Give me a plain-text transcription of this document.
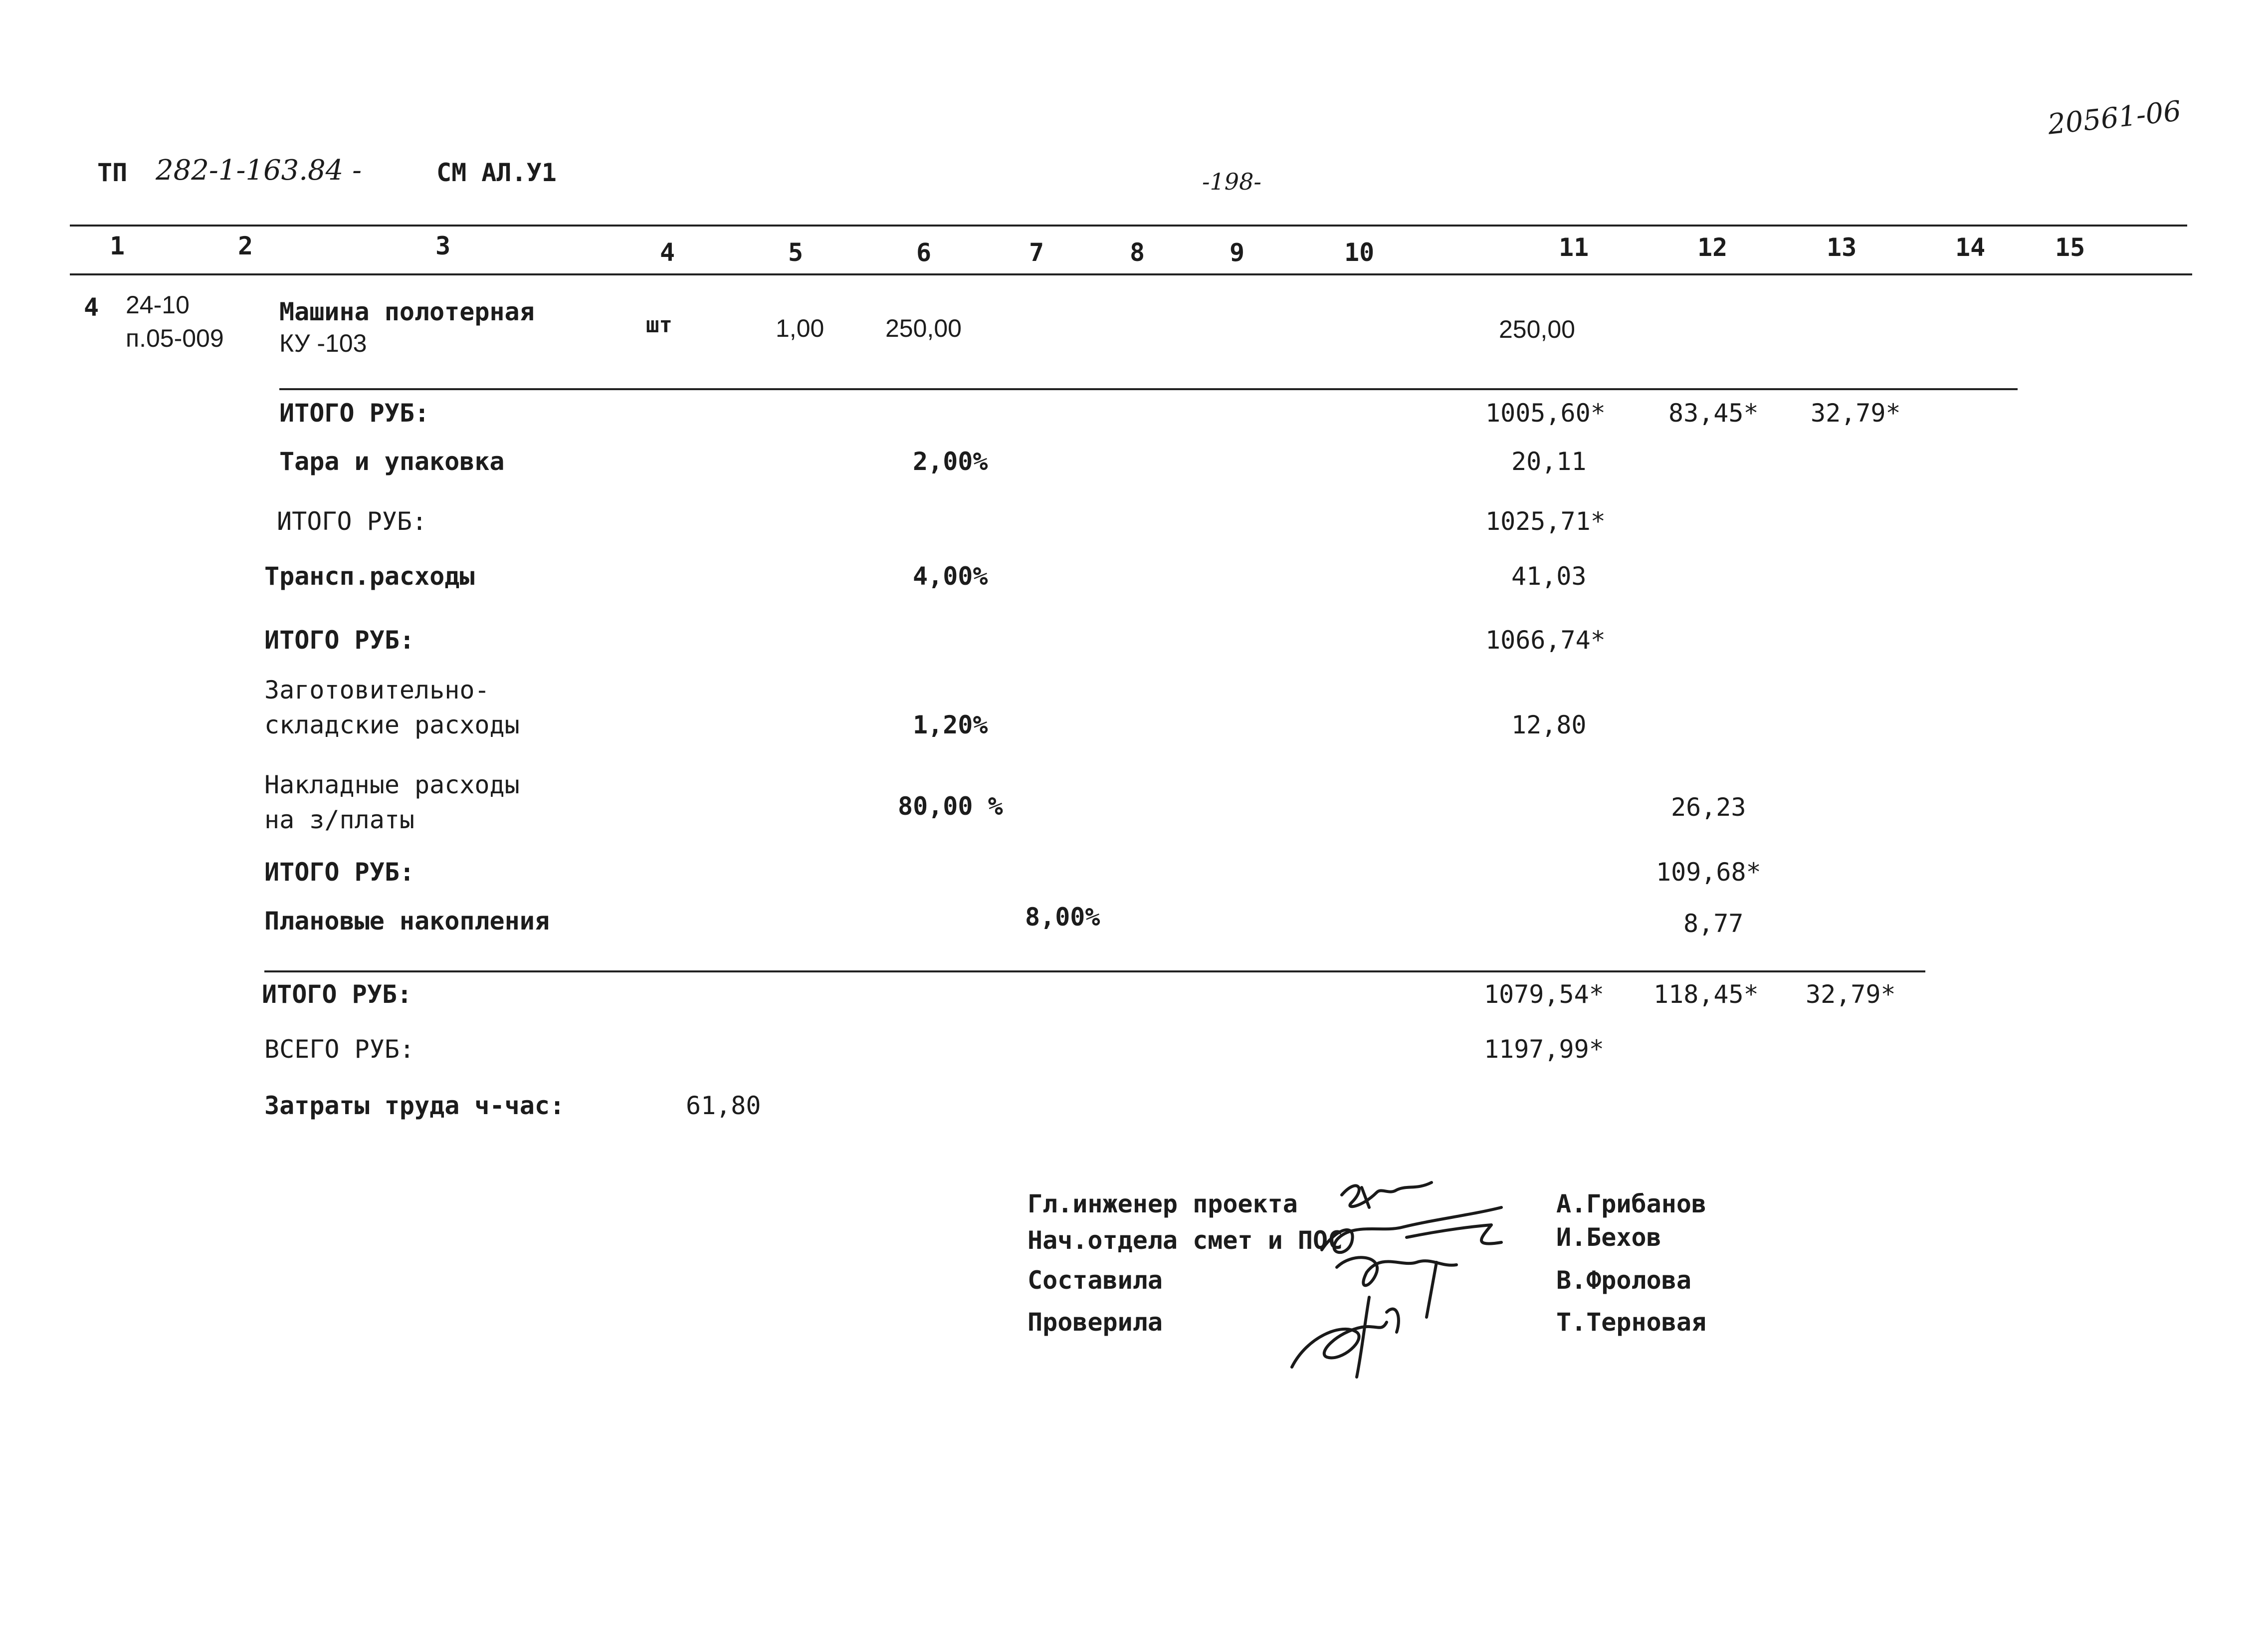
ТП 282-1-163.84 -	СМ АЛ.У1	-198-
20561-06
1	2	3	4	5	6	7	8	9	10	11	12	13	14	15
4 24-10
п.05-009
Машина полотерная
КУ -103
шт	1,00 250,00	250,00
ИТОГО РУБ:	1005,60*	83,45* 32,79*
Тара и упаковка	2,00%	20,11
ИТОГО РУБ:	1025,71*
Трансп.расходы	4,00%	41,03
ИТОГО РУБ:	1066,74*
Заготовительно-
складские расходы	1,20%	12,80
Накладные расходы
на з/платы	80,00 %	26,23
ИТОГО РУБ:	109,68*
Плановые накопления	8,00%	8,77
ИТОГО РУБ:	1079,54* 118,45* 32,79*
ВСЕГО РУБ:	1197,99*
Затраты труда ч-час:	61,80
Гл.инженер проекта	А.Грибанов
Нач.отдела смет и ПОС	И.Бехов
Составила	В.Фролова
Проверила	Т.Терновая
